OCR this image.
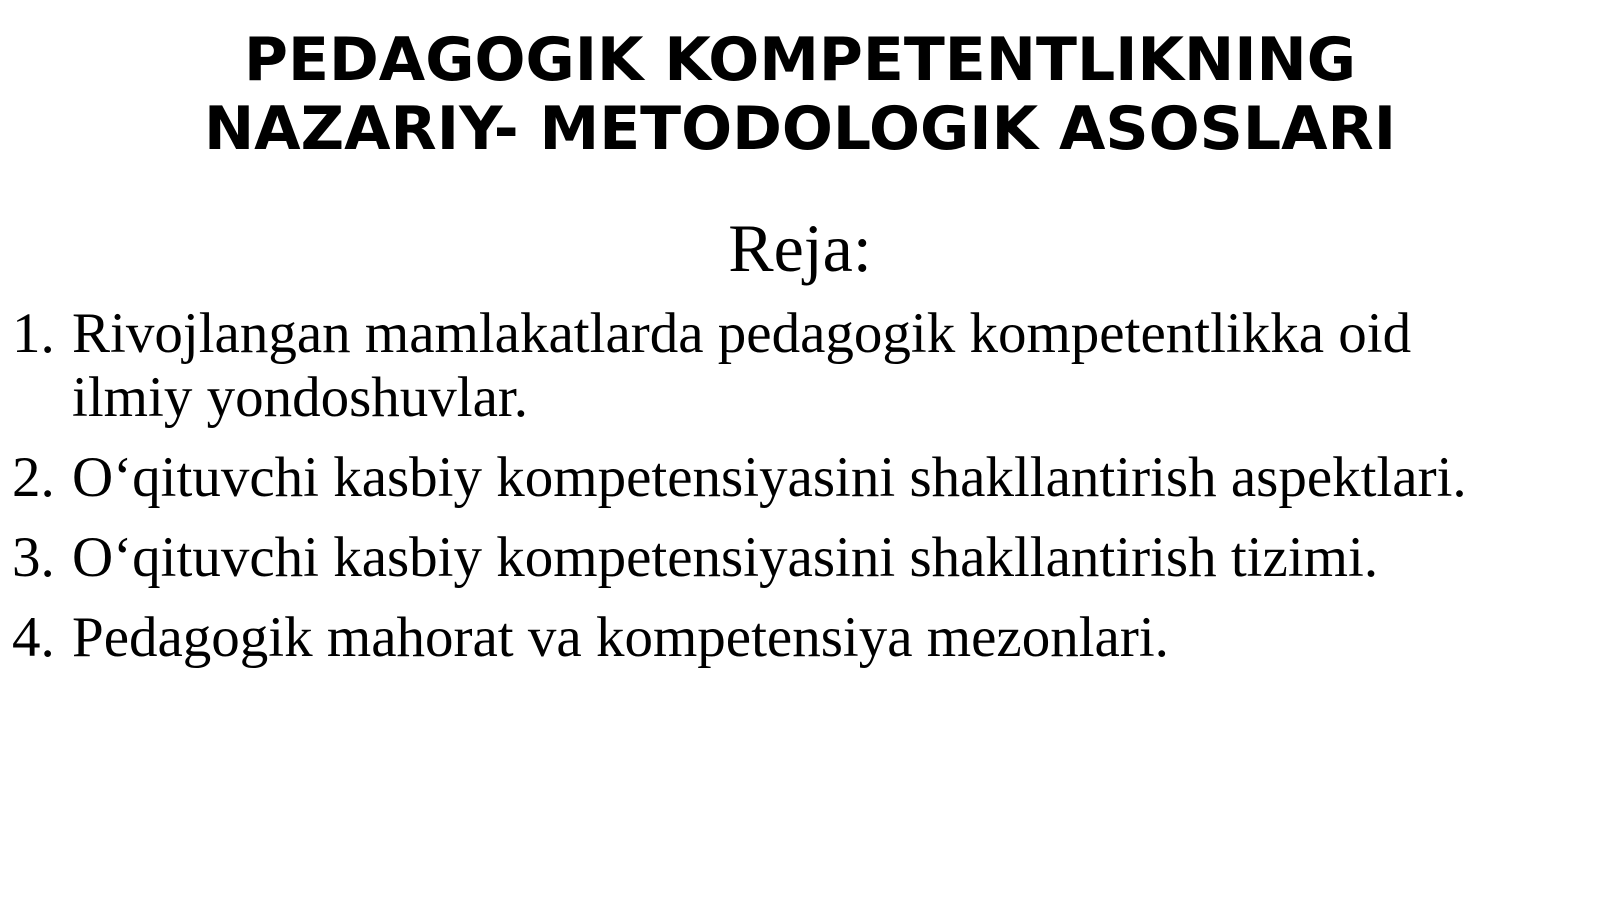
PEDAGOGIK KOMPETENTLIKNING
NAZARIY- METODOLOGIK ASOSLARI
Reja:
1. Rivojlangan mamlakatlarda pedagogik kompetentlikka oid
ilmiy yondoshuvlar.
2. O‘qituvchi kasbiy kompetensiyasini shakllantirish aspektlari.
3. O‘qituvchi kasbiy kompetensiyasini shakllantirish tizimi.
4. Pedagogik mahorat va kompetensiya mezonlari.
